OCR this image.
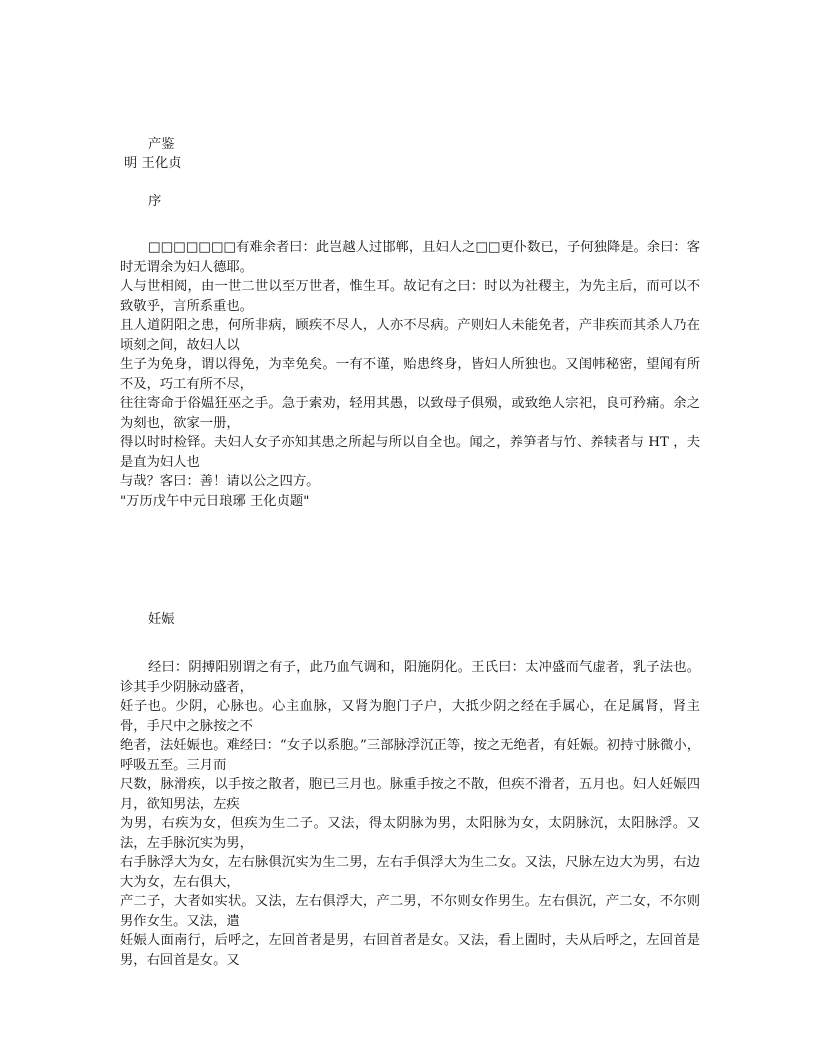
产鉴
明 王化贞
序

□□□□□□□有难余者曰：此岂越人过邯郸，且妇人之□□更仆数已，子何独降是。余曰：客时无谓余为妇人德耶。

人与世相阅，由一世二世以至万世者，惟生耳。故记有之曰：时以为社稷主，为先主后，而可以不致敬乎，言所系重也。

且人道阴阳之患，何所非病，顾疾不尽人，人亦不尽病。产则妇人未能免者，产非疾而其杀人乃在顷刻之间，故妇人以

生子为免身，谓以得免，为幸免矣。一有不谨，贻患终身，皆妇人所独也。又闺帏秘密，望闻有所不及，巧工有所不尽，

往往寄命于俗媪狂巫之手。急于索劝，轻用其愚，以致母子俱殒，或致绝人宗祀，良可矜痛。余之为刻也，欲家一册，

得以时时检铎。夫妇人女子亦知其患之所起与所以自全也。闻之，养笋者与竹、养犊者与 HT ，夫是直为妇人也

与哉？客曰：善！请以公之四方。

"万历戊午中元日琅琊 王化贞题"

妊娠

经曰：阴搏阳别谓之有子，此乃血气调和，阳施阴化。王氏曰：太冲盛而气虚者，乳子法也。诊其手少阴脉动盛者，

妊子也。少阴，心脉也。心主血脉，又肾为胞门子户，大抵少阴之经在手属心，在足属肾，肾主骨，手尺中之脉按之不

绝者，法妊娠也。难经曰：“女子以系胞。”三部脉浮沉正等，按之无绝者，有妊娠。初持寸脉微小，呼吸五至。三月而

尺数，脉滑疾，以手按之散者，胞已三月也。脉重手按之不散，但疾不滑者，五月也。妇人妊娠四月，欲知男法，左疾

为男，右疾为女，但疾为生二子。又法，得太阴脉为男，太阳脉为女，太阴脉沉，太阳脉浮。又法，左手脉沉实为男，

右手脉浮大为女，左右脉俱沉实为生二男，左右手俱浮大为生二女。又法，尺脉左边大为男，右边大为女，左右俱大，

产二子，大者如实状。又法，左右俱浮大，产二男，不尔则女作男生。左右俱沉，产二女，不尔则男作女生。又法，遣

妊娠人面南行，后呼之，左回首者是男，右回首者是女。又法，看上圊时，夫从后呼之，左回首是男，右回首是女。又
